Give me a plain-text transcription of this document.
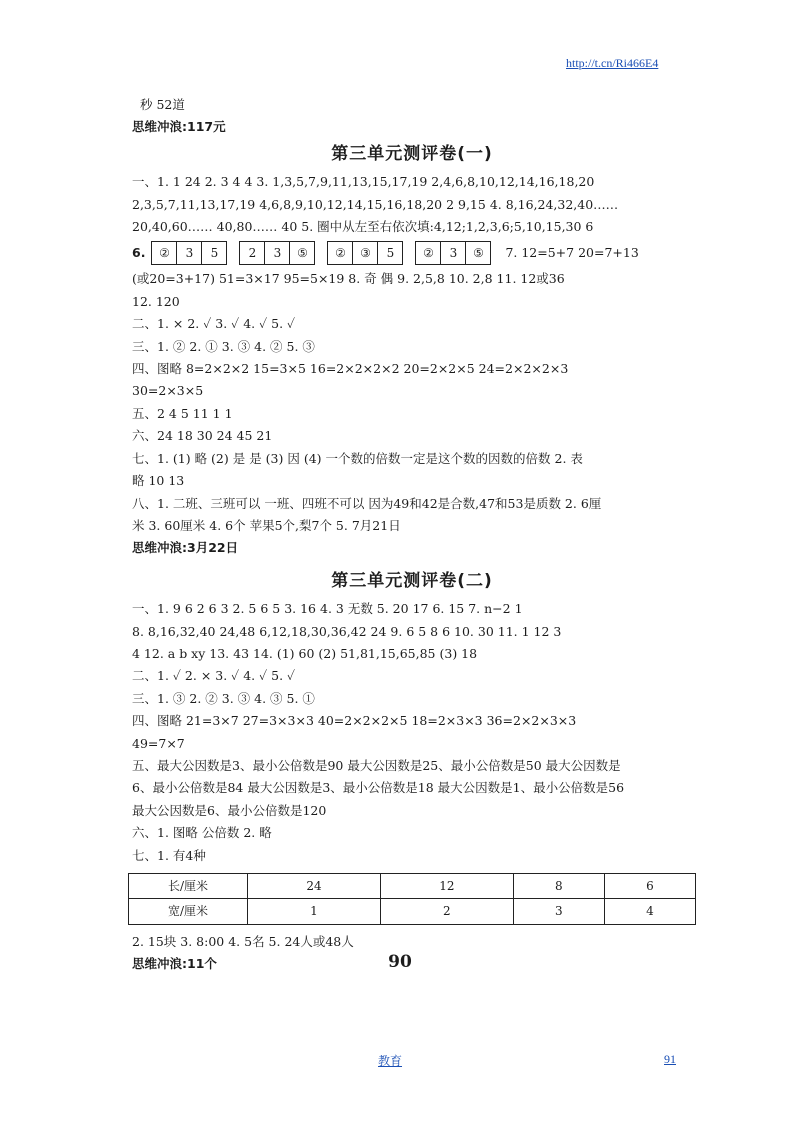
http://t.cn/Ri466E4
秒 52道
思维冲浪:117元
第三单元测评卷(一)
一、1. 1 24 2. 3 4 4 3. 1,3,5,7,9,11,13,15,17,19 2,4,6,8,10,12,14,16,18,20
2,3,5,7,11,13,17,19 4,6,8,9,10,12,14,15,16,18,20 2 9,15 4. 8,16,24,32,40……
20,40,60…… 40,80…… 40 5. 圈中从左至右依次填:4,12;1,2,3,6;5,10,15,30 6
6.	②	3	5	2	3	⑤	②	③	5	②	3	⑤	7. 12=5+7 20=7+13
(或20=3+17) 51=3×17 95=5×19 8. 奇 偶 9. 2,5,8 10. 2,8 11. 12或36
12. 120
二、1. × 2. ✓ 3. ✓ 4. ✓ 5. ✓
三、1. ② 2. ① 3. ③ 4. ② 5. ③
四、图略 8=2×2×2 15=3×5 16=2×2×2×2 20=2×2×5 24=2×2×2×3
30=2×3×5
五、2 4 5 11 1 1
六、24 18 30 24 45 21
七、1. (1) 略 (2) 是 是 (3) 因 (4) 一个数的倍数一定是这个数的因数的倍数 2. 表
略 10 13
八、1. 二班、三班可以 一班、四班不可以 因为49和42是合数,47和53是质数 2. 6厘
米 3. 60厘米 4. 6个 苹果5个,梨7个 5. 7月21日
思维冲浪:3月22日
第三单元测评卷(二)
一、1. 9 6 2 6 3 2. 5 6 5 3. 16 4. 3 无数 5. 20 17 6. 15 7. n−2 1
8. 8,16,32,40 24,48 6,12,18,30,36,42 24 9. 6 5 8 6 10. 30 11. 1 12 3
4 12. a b xy 13. 43 14. (1) 60 (2) 51,81,15,65,85 (3) 18
二、1. ✓ 2. × 3. ✓ 4. ✓ 5. ✓
三、1. ③ 2. ② 3. ③ 4. ③ 5. ①
四、图略 21=3×7 27=3×3×3 40=2×2×2×5 18=2×3×3 36=2×2×3×3
49=7×7
五、最大公因数是3、最小公倍数是90 最大公因数是25、最小公倍数是50 最大公因数是
6、最小公倍数是84 最大公因数是3、最小公倍数是18 最大公因数是1、最小公倍数是56
最大公因数是6、最小公倍数是120
六、1. 图略 公倍数 2. 略
七、1. 有4种
长/厘米	24	12	8	6
宽/厘米	1	2	3	4
2. 15块 3. 8:00 4. 5名 5. 24人或48人
思维冲浪:11个	90
教育	91
